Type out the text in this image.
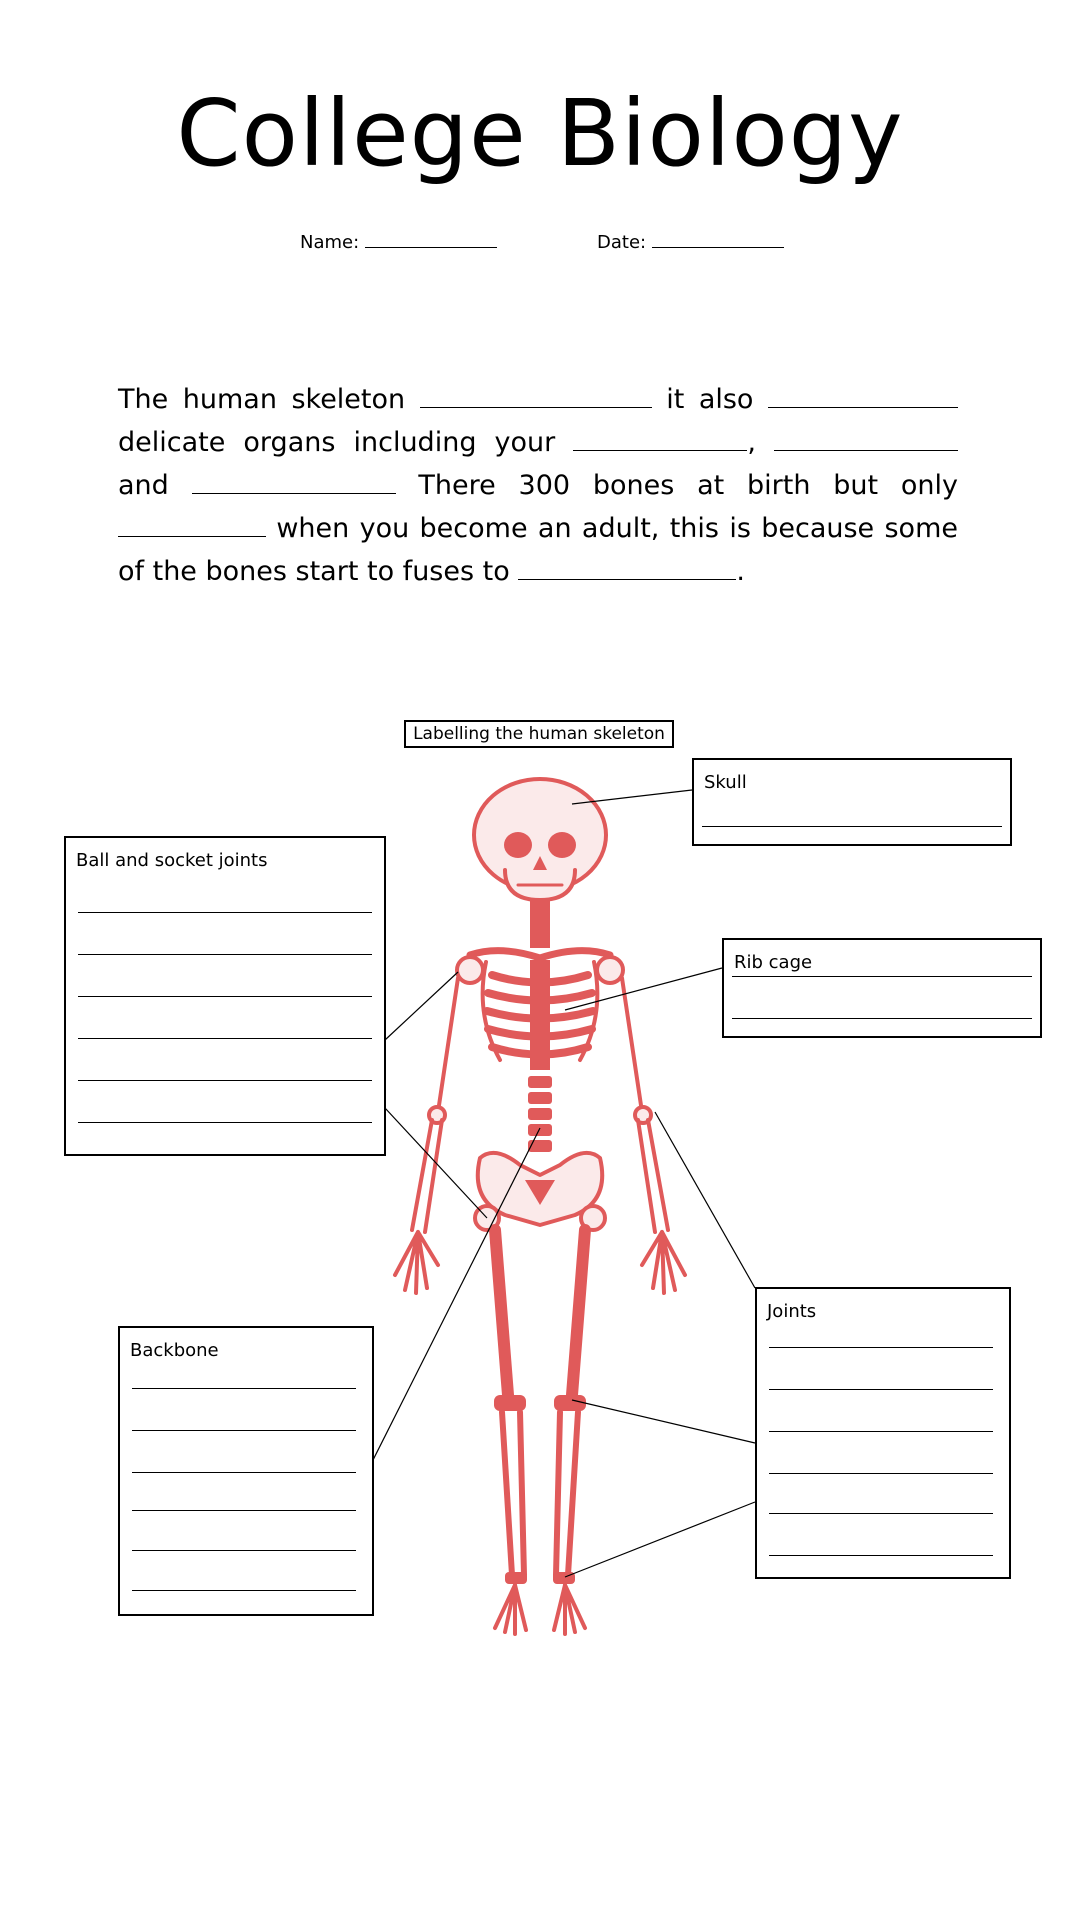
College Biology
Name:	Date:
The human skeleton	it also  delicate organs including your	,  and	There 300 bones at birth but only  when you become an adult, this is because some of the bones start to fuses to	.
Labelling the human skeleton
Skull
Ball and socket joints
Rib cage
Backbone
Joints
